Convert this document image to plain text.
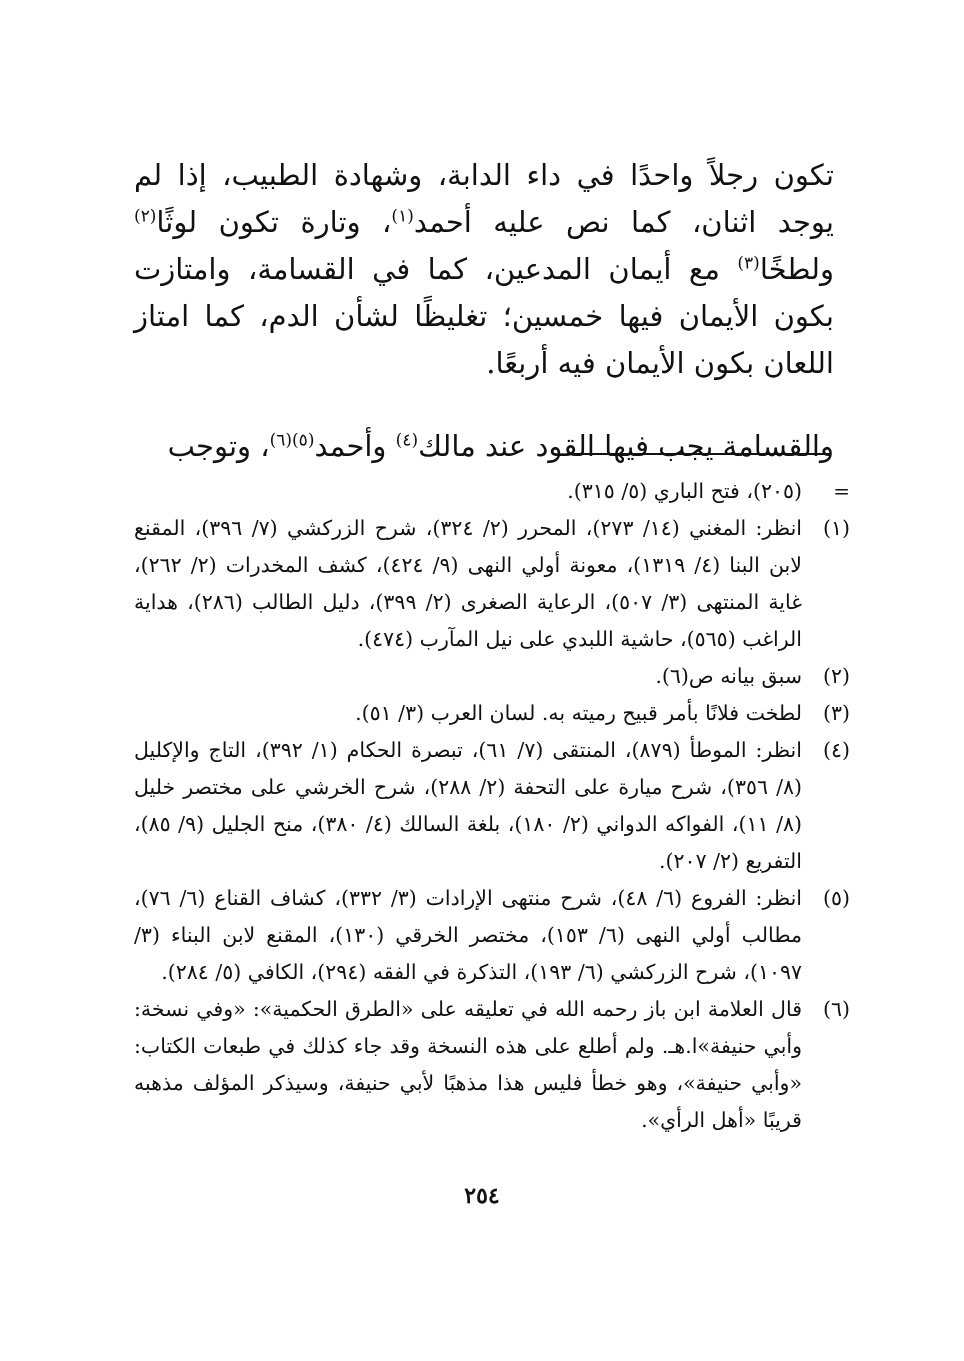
تكون رجلاً واحدًا في داء الدابة، وشهادة الطبيب، إذا لم يوجد اثنان، كما نص عليه أحمد$^{(١)}$، وتارة تكون لوثًا$^{(٢)}$ ولطخًا$^{(٣)}$ مع أيمان المدعين، كما في القسامة، وامتازت بكون الأيمان فيها خمسين؛ تغليظًا لشأن الدم، كما امتاز اللعان بكون الأيمان فيه أربعًا.

والقسامة يجب فيها القود عند مالك$^{(٤)}$ وأحمد$^{(٥)(٦)}$، وتوجب

=
(٢٠٥)، فتح الباري (٥/ ٣١٥).
(١)
انظر: المغني (١٤/ ٢٧٣)، المحرر (٢/ ٣٢٤)، شرح الزركشي (٧/ ٣٩٦)، المقنع لابن البنا (٤/ ١٣١٩)، معونة أولي النهى (٩/ ٤٢٤)، كشف المخدرات (٢/ ٢٦٢)، غاية المنتهى (٣/ ٥٠٧)، الرعاية الصغرى (٢/ ٣٩٩)، دليل الطالب (٢٨٦)، هداية الراغب (٥٦٥)، حاشية اللبدي على نيل المآرب (٤٧٤).
(٢)
سبق بيانه ص(٦).
(٣)
لطخت فلانًا بأمر قبيح رميته به. لسان العرب (٣/ ٥١).
(٤)
انظر: الموطأ (٨٧٩)، المنتقى (٧/ ٦١)، تبصرة الحكام (١/ ٣٩٢)، التاج والإكليل (٨/ ٣٥٦)، شرح ميارة على التحفة (٢/ ٢٨٨)، شرح الخرشي على مختصر خليل (٨/ ١١)، الفواكه الدواني (٢/ ١٨٠)، بلغة السالك (٤/ ٣٨٠)، منح الجليل (٩/ ٨٥)، التفريع (٢/ ٢٠٧).
(٥)
انظر: الفروع (٦/ ٤٨)، شرح منتهى الإرادات (٣/ ٣٣٢)، كشاف القناع (٦/ ٧٦)، مطالب أولي النهى (٦/ ١٥٣)، مختصر الخرقي (١٣٠)، المقنع لابن البناء (٣/ ١٠٩٧)، شرح الزركشي (٦/ ١٩٣)، التذكرة في الفقه (٢٩٤)، الكافي (٥/ ٢٨٤).
(٦)
قال العلامة ابن باز رحمه الله في تعليقه على «الطرق الحكمية»: «وفي نسخة: وأبي حنيفة»ا.هـ. ولم أطلع على هذه النسخة وقد جاء كذلك في طبعات الكتاب: «وأبي حنيفة»، وهو خطأ فليس هذا مذهبًا لأبي حنيفة، وسيذكر المؤلف مذهبه قريبًا «أهل الرأي».
٢٥٤
